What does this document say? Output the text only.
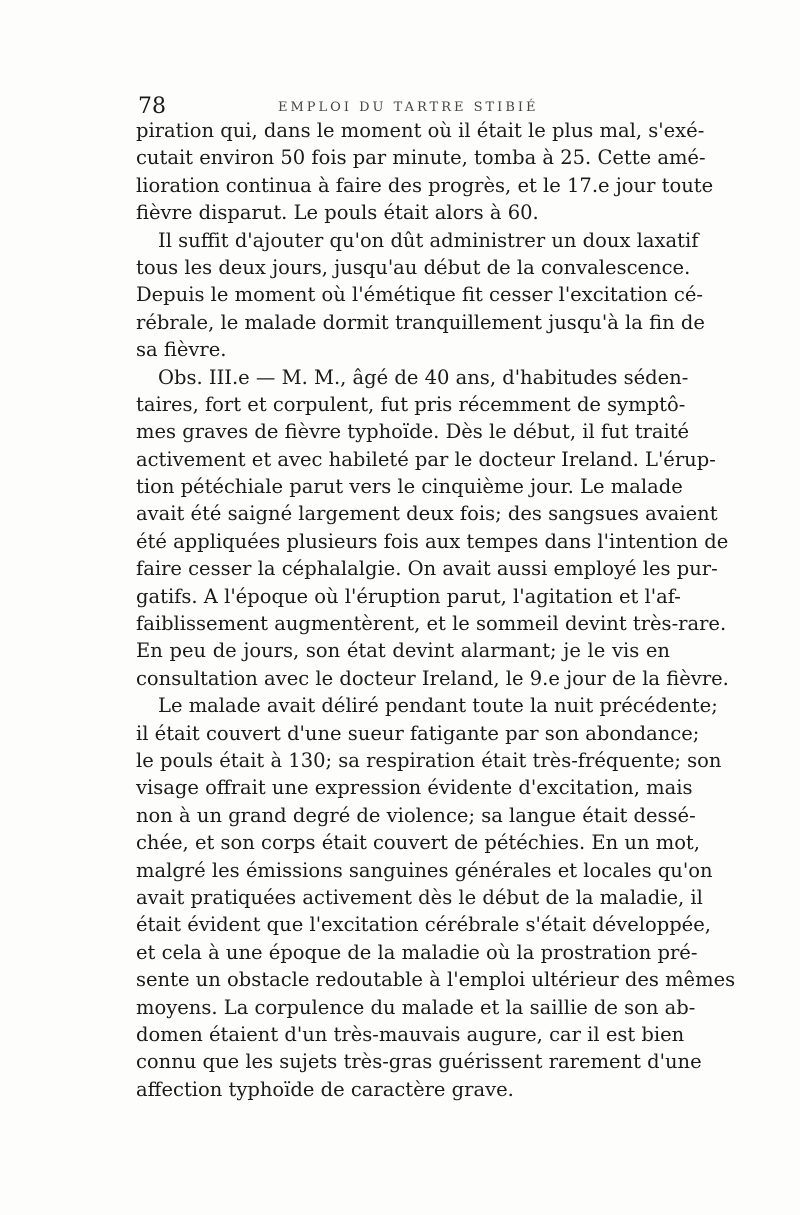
78	EMPLOI DU TARTRE STIBIÉ
piration qui, dans le moment où il était le plus mal, s'exé-
cutait environ 50 fois par minute, tomba à 25. Cette amé-
lioration continua à faire des progrès, et le 17.e jour toute
fièvre disparut. Le pouls était alors à 60.
Il suffit d'ajouter qu'on dût administrer un doux laxatif
tous les deux jours, jusqu'au début de la convalescence.
Depuis le moment où l'émétique fit cesser l'excitation cé-
rébrale, le malade dormit tranquillement jusqu'à la fin de
sa fièvre.
Obs. III.e — M. M., âgé de 40 ans, d'habitudes séden-
taires, fort et corpulent, fut pris récemment de symptô-
mes graves de fièvre typhoïde. Dès le début, il fut traité
activement et avec habileté par le docteur Ireland. L'érup-
tion pétéchiale parut vers le cinquième jour. Le malade
avait été saigné largement deux fois; des sangsues avaient
été appliquées plusieurs fois aux tempes dans l'intention de
faire cesser la céphalalgie. On avait aussi employé les pur-
gatifs. A l'époque où l'éruption parut, l'agitation et l'af-
faiblissement augmentèrent, et le sommeil devint très-rare.
En peu de jours, son état devint alarmant; je le vis en
consultation avec le docteur Ireland, le 9.e jour de la fièvre.
Le malade avait déliré pendant toute la nuit précédente;
il était couvert d'une sueur fatigante par son abondance;
le pouls était à 130; sa respiration était très-fréquente; son
visage offrait une expression évidente d'excitation, mais
non à un grand degré de violence; sa langue était dessé-
chée, et son corps était couvert de pétéchies. En un mot,
malgré les émissions sanguines générales et locales qu'on
avait pratiquées activement dès le début de la maladie, il
était évident que l'excitation cérébrale s'était développée,
et cela à une époque de la maladie où la prostration pré-
sente un obstacle redoutable à l'emploi ultérieur des mêmes
moyens. La corpulence du malade et la saillie de son ab-
domen étaient d'un très-mauvais augure, car il est bien
connu que les sujets très-gras guérissent rarement d'une
affection typhoïde de caractère grave.
